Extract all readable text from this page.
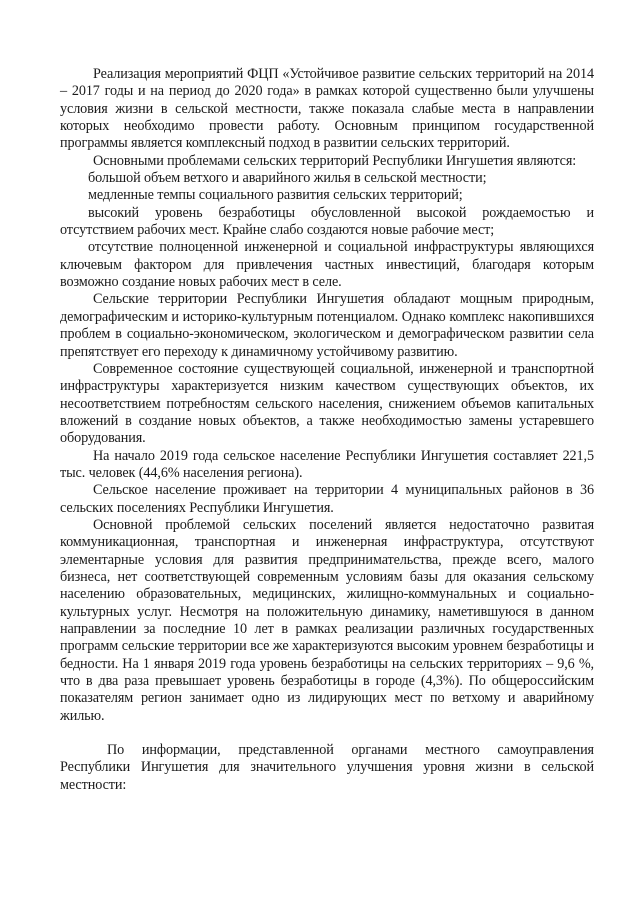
Реализация мероприятий ФЦП «Устойчивое развитие сельских территорий на 2014 – 2017 годы и на период до 2020 года» в рамках которой существенно были улучшены условия жизни в сельской местности, также показала слабые места в направлении которых необходимо провести работу. Основным принципом государственной программы является комплексный подход в развитии сельских территорий.

Основными проблемами сельских территорий Республики Ингушетия являются:

большой объем ветхого и аварийного жилья в сельской местности;

медленные темпы социального развития сельских территорий;

высокий уровень безработицы обусловленной высокой рождаемостью и отсутствием рабочих мест. Крайне слабо создаются новые рабочие мест;

отсутствие полноценной инженерной и социальной инфраструктуры являющихся ключевым фактором для привлечения частных инвестиций, благодаря которым возможно создание новых рабочих мест в селе.

Сельские территории Республики Ингушетия обладают мощным природным, демографическим и историко-культурным потенциалом. Однако комплекс накопившихся проблем в социально-экономическом, экологическом и демографическом развитии села препятствует его переходу к динамичному устойчивому развитию.

Современное состояние существующей социальной, инженерной и транспортной инфраструктуры характеризуется низким качеством существующих объектов, их несоответствием потребностям сельского населения, снижением объемов капитальных вложений в создание новых объектов, а также необходимостью замены устаревшего оборудования.

На начало 2019 года сельское население Республики Ингушетия составляет 221,5 тыс. человек (44,6% населения региона).

Сельское население проживает на территории 4 муниципальных районов в 36 сельских поселениях Республики Ингушетия.

Основной проблемой сельских поселений является недостаточно развитая коммуникационная, транспортная и инженерная инфраструктура, отсутствуют элементарные условия для развития предпринимательства, прежде всего, малого бизнеса, нет соответствующей современным условиям базы для оказания сельскому населению образовательных, медицинских, жилищно-коммунальных и социально-культурных услуг. Несмотря на положительную динамику, наметившуюся в данном направлении за последние 10 лет в рамках реализации различных государственных программ сельские территории все же характеризуются высоким уровнем безработицы и бедности. На 1 января 2019 года уровень безработицы на сельских территориях – 9,6 %, что в два раза превышает уровень безработицы в городе (4,3%). По общероссийским показателям регион занимает одно из лидирующих мест по ветхому и аварийному жилью.

По информации, представленной органами местного самоуправления Республики Ингушетия для значительного улучшения уровня жизни в сельской местности:
